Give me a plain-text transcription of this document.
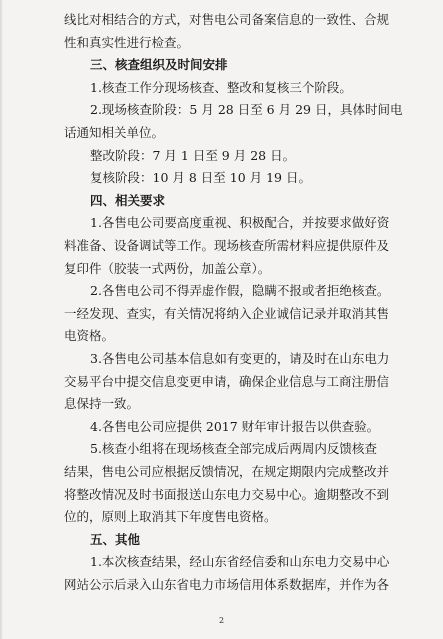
线比对相结合的方式，对售电公司备案信息的一致性、合规
性和真实性进行检查。
三、核查组织及时间安排
1.核查工作分现场核查、整改和复核三个阶段。
2.现场核查阶段：5 月 28 日至 6 月 29 日，具体时间电
话通知相关单位。
整改阶段：7 月 1 日至 9 月 28 日。
复核阶段：10 月 8 日至 10 月 19 日。
四、相关要求
1.各售电公司要高度重视、积极配合，并按要求做好资
料准备、设备调试等工作。现场核查所需材料应提供原件及
复印件（胶装一式两份，加盖公章）。
2.各售电公司不得弄虚作假，隐瞒不报或者拒绝核查。
一经发现、查实，有关情况将纳入企业诚信记录并取消其售
电资格。
3.各售电公司基本信息如有变更的，请及时在山东电力
交易平台中提交信息变更申请，确保企业信息与工商注册信
息保持一致。
4.各售电公司应提供 2017 财年审计报告以供查验。
5.核查小组将在现场核查全部完成后两周内反馈核查
结果，售电公司应根据反馈情况，在规定期限内完成整改并
将整改情况及时书面报送山东电力交易中心。逾期整改不到
位的，原则上取消其下年度售电资格。
五、其他
1.本次核查结果，经山东省经信委和山东电力交易中心
网站公示后录入山东省电力市场信用体系数据库，并作为各
2
